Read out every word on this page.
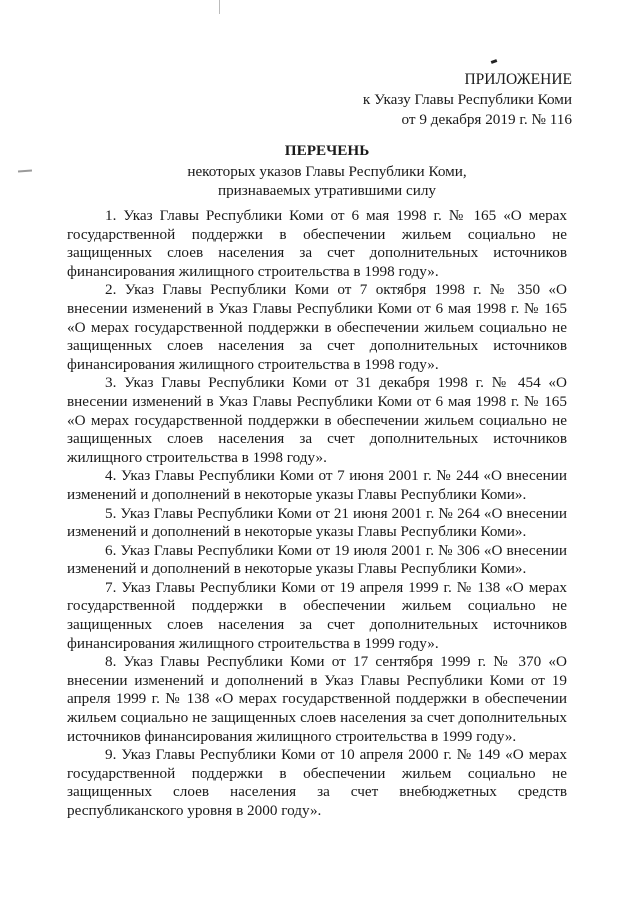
ПРИЛОЖЕНИЕ
к Указу Главы Республики Коми
от 9 декабря 2019 г. № 116
ПЕРЕЧЕНЬ
некоторых указов Главы Республики Коми,
признаваемых утратившими силу

1. Указ Главы Республики Коми от 6 мая 1998 г. № 165 «О мерах государственной поддержки в обеспечении жильем социально не защищенных слоев населения за счет дополнительных источников финансирования жилищного строительства в 1998 году».

2. Указ Главы Республики Коми от 7 октября 1998 г. № 350 «О внесении изменений в Указ Главы Республики Коми от 6 мая 1998 г. № 165 «О мерах государственной поддержки в обеспечении жильем социально не защищенных слоев населения за счет дополнительных источников финансирования жилищного строительства в 1998 году».

3. Указ Главы Республики Коми от 31 декабря 1998 г. № 454 «О внесении изменений в Указ Главы Республики Коми от 6 мая 1998 г. № 165 «О мерах государственной поддержки в обеспечении жильем социально не защищенных слоев населения за счет дополнительных источников жилищного строительства в 1998 году».

4. Указ Главы Республики Коми от 7 июня 2001 г. № 244 «О внесении изменений и дополнений в некоторые указы Главы Республики Коми».

5. Указ Главы Республики Коми от 21 июня 2001 г. № 264 «О внесении изменений и дополнений в некоторые указы Главы Республики Коми».

6. Указ Главы Республики Коми от 19 июля 2001 г. № 306 «О внесении изменений и дополнений в некоторые указы Главы Республики Коми».

7. Указ Главы Республики Коми от 19 апреля 1999 г. № 138 «О мерах государственной поддержки в обеспечении жильем социально не защищенных слоев населения за счет дополнительных источников финансирования жилищного строительства в 1999 году».

8. Указ Главы Республики Коми от 17 сентября 1999 г. № 370 «О внесении изменений и дополнений в Указ Главы Республики Коми от 19 апреля 1999 г. № 138 «О мерах государственной поддержки в обеспечении жильем социально не защищенных слоев населения за счет дополнительных источников финансирования жилищного строительства в 1999 году».

9. Указ Главы Республики Коми от 10 апреля 2000 г. № 149 «О мерах государственной поддержки в обеспечении жильем социально не защищенных слоев населения за счет внебюджетных средств республиканского уровня в 2000 году».
